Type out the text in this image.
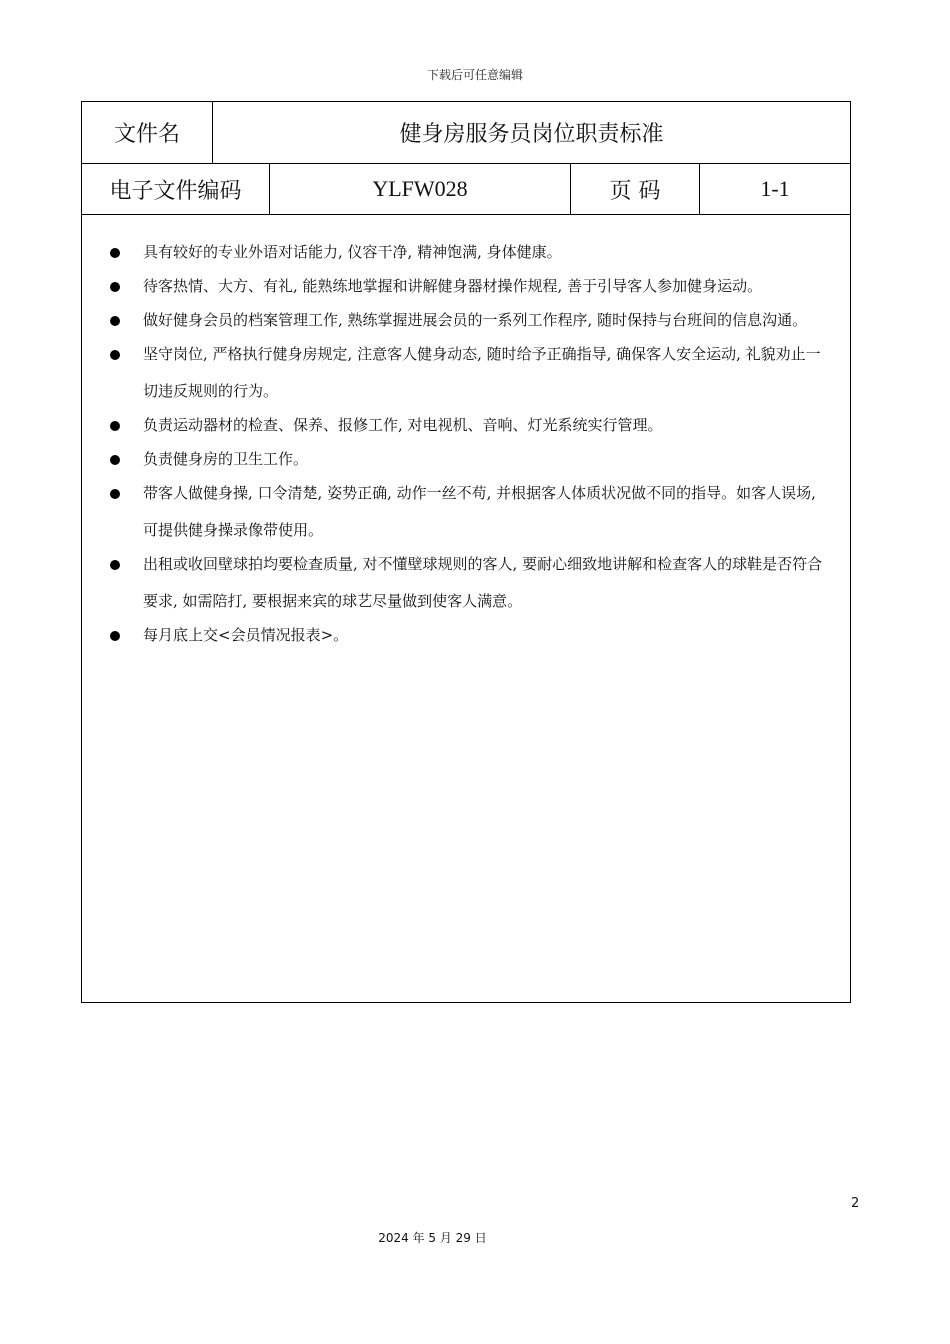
下载后可任意编辑
文件名	健身房服务员岗位职责标准
电子文件编码	YLFW028	页 码	1-1
具有较好的专业外语对话能力, 仪容干净, 精神饱满, 身体健康。
待客热情、大方、有礼, 能熟练地掌握和讲解健身器材操作规程, 善于引导客人参加健身运动。
做好健身会员的档案管理工作, 熟练掌握进展会员的一系列工作程序, 随时保持与台班间的信息沟通。
坚守岗位, 严格执行健身房规定, 注意客人健身动态, 随时给予正确指导, 确保客人安全运动, 礼貌劝止一切违反规则的行为。
负责运动器材的检查、保养、报修工作, 对电视机、音响、灯光系统实行管理。
负责健身房的卫生工作。
带客人做健身操, 口令清楚, 姿势正确, 动作一丝不苟, 并根据客人体质状况做不同的指导。如客人误场, 可提供健身操录像带使用。
出租或收回壁球拍均要检查质量, 对不懂壁球规则的客人, 要耐心细致地讲解和检查客人的球鞋是否符合要求, 如需陪打, 要根据来宾的球艺尽量做到使客人满意。
每月底上交<会员情况报表>。
2
2024 年 5 月 29 日
